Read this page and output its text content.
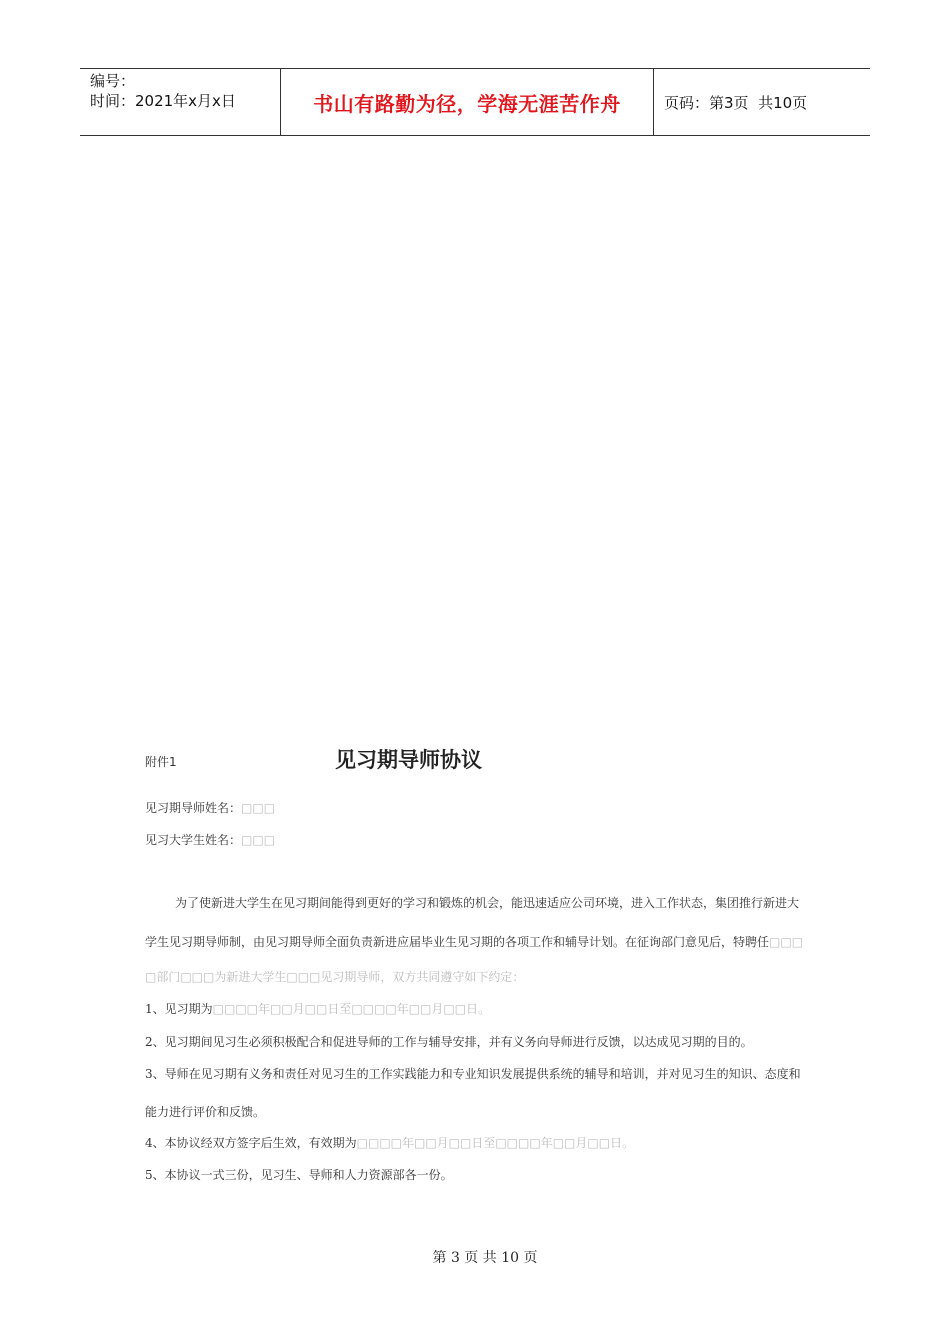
编号：
时间：2021年x月x日	书山有路勤为径，学海无涯苦作舟	页码：第3页  共10页
附件1	见习期导师协议
见习期导师姓名：□□□
见习大学生姓名：□□□
为了使新进大学生在见习期间能得到更好的学习和锻炼的机会，能迅速适应公司环境，进入工作状态，集团推行新进大
学生见习期导师制，由见习期导师全面负责新进应届毕业生见习期的各项工作和辅导计划。在征询部门意见后，特聘任□□□
□部门□□□为新进大学生□□□见习期导师，双方共同遵守如下约定：
1、见习期为□□□□年□□月□□日至□□□□年□□月□□日。
2、见习期间见习生必须积极配合和促进导师的工作与辅导安排，并有义务向导师进行反馈，以达成见习期的目的。
3、导师在见习期有义务和责任对见习生的工作实践能力和专业知识发展提供系统的辅导和培训，并对见习生的知识、态度和
能力进行评价和反馈。
4、本协议经双方签字后生效，有效期为□□□□年□□月□□日至□□□□年□□月□□日。
5、本协议一式三份，见习生、导师和人力资源部各一份。
第 3 页 共 10 页
